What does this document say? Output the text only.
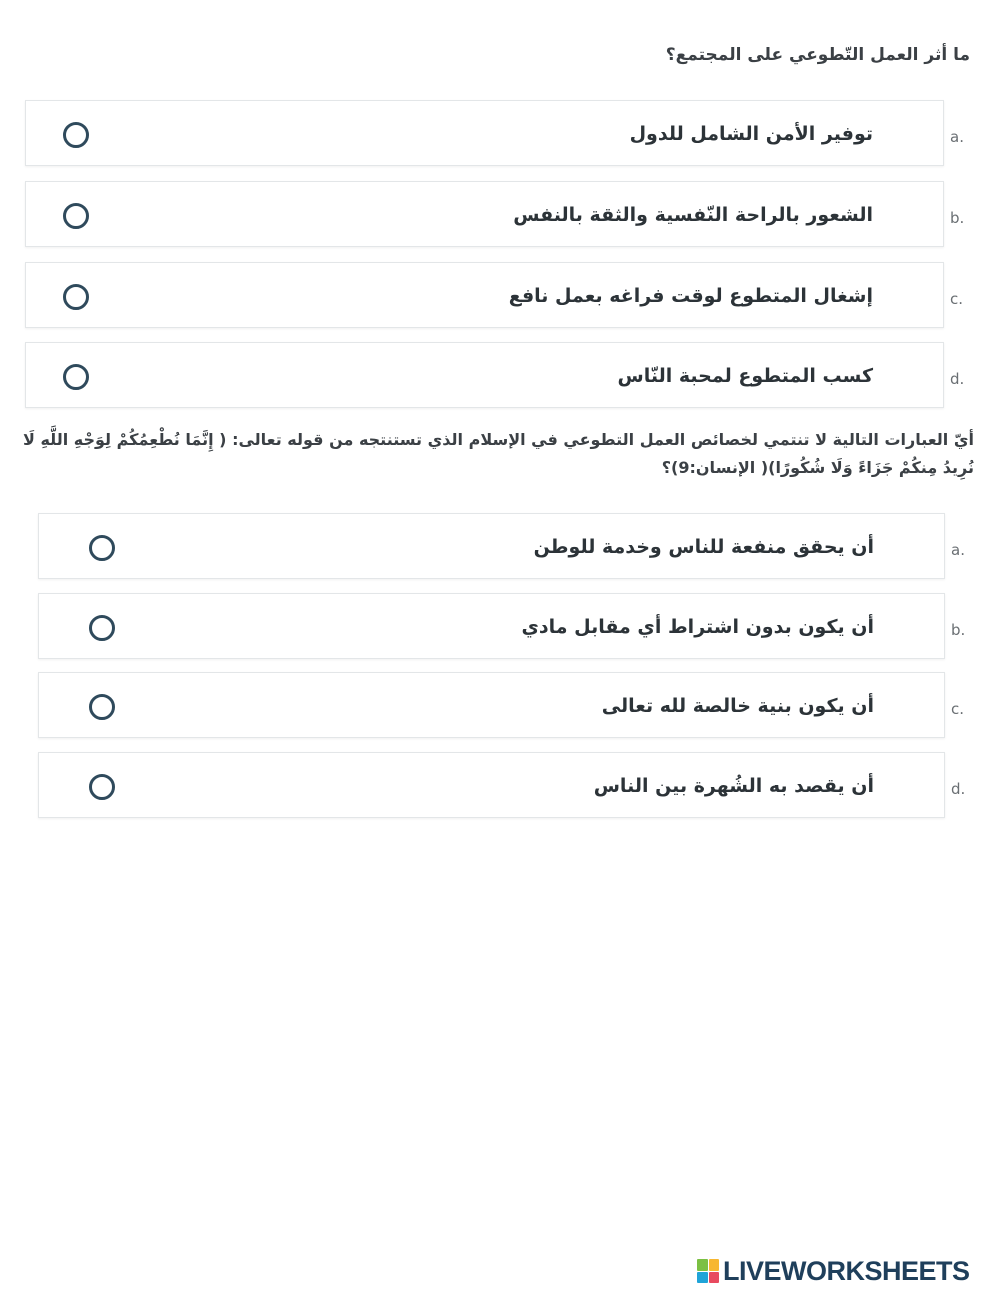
ما أثر العمل التّطوعي على المجتمع؟
توفير الأمن الشامل للدول	a.
الشعور بالراحة النّفسية والثقة بالنفس	b.
إشغال المتطوع لوقت فراغه بعمل نافع	c.
كسب المتطوع لمحبة النّاس	d.
أيّ العبارات التالية لا تنتمي لخصائص العمل التطوعي في الإسلام الذي تستنتجه من قوله تعالى: ( إِنَّمَا نُطْعِمُكُمْ لِوَجْهِ اللَّهِ لَا نُرِيدُ مِنكُمْ جَزَاءً وَلَا شُكُورًا)( الإنسان:9)؟
أن يحقق منفعة للناس وخدمة للوطن	a.
أن يكون بدون اشتراط أي مقابل مادي	b.
أن يكون بنية خالصة لله تعالى	c.
أن يقصد به الشُهرة بين الناس	d.
LIVEWORKSHEETS
